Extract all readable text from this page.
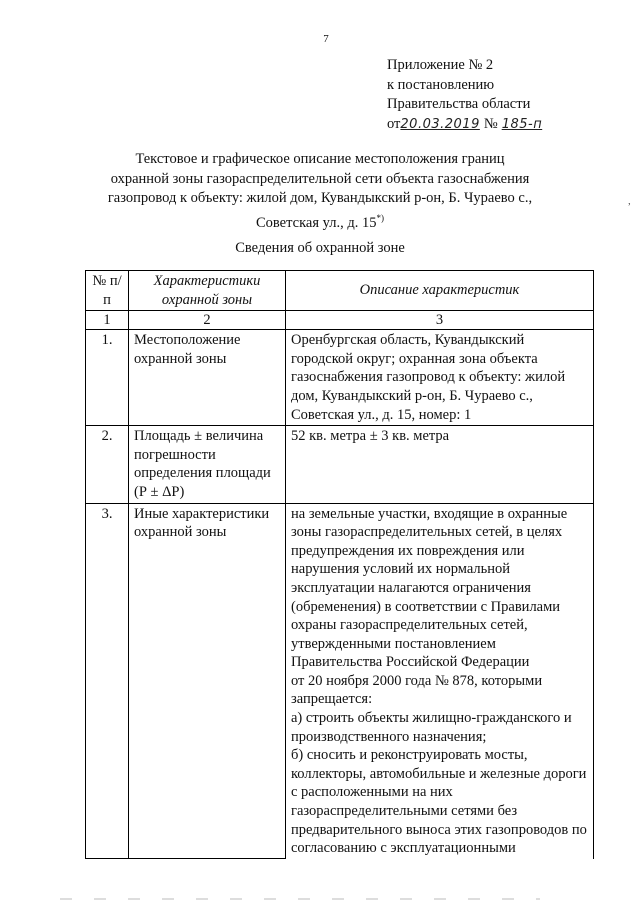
7
Приложение № 2
к постановлению
Правительства области
от20.03.2019 № 185-п
Текстовое и графическое описание местоположения границ
охранной зоны газораспределительной сети объекта газоснабжения
газопровод к объекту: жилой дом, Кувандыкский р-он, Б. Чураево с.,
Советская ул., д. 15*)
Сведения об охранной зоне
№ п/п	Характеристики охранной зоны	Описание характеристик
1	2	3
1.	Местоположение охранной зоны	Оренбургская область, Кувандыкский городской округ; охранная зона объекта газоснабжения газопровод к объекту: жилой дом, Кувандыкский р-он, Б. Чураево с., Советская ул., д. 15, номер: 1
2.	Площадь ± величина погрешности определения площади (Р ± ΔР)	52 кв. метра ± 3 кв. метра
3.	Иные характеристики охранной зоны	на земельные участки, входящие в охранные зоны газораспределительных сетей, в целях предупреждения их повреждения или нарушения условий их нормальной эксплуатации налагаются ограничения (обременения) в соответствии с Правилами охраны газораспределительных сетей, утвержденными постановлением Правительства Российской Федерации
от 20 ноября 2000 года № 878, которыми запрещается:
а) строить объекты жилищно-гражданского и производственного назначения;
б) сносить и реконструировать мосты, коллекторы, автомобильные и железные дороги с расположенными на них газораспределительными сетями без предварительного выноса этих газопроводов по согласованию с эксплуатационными
,
